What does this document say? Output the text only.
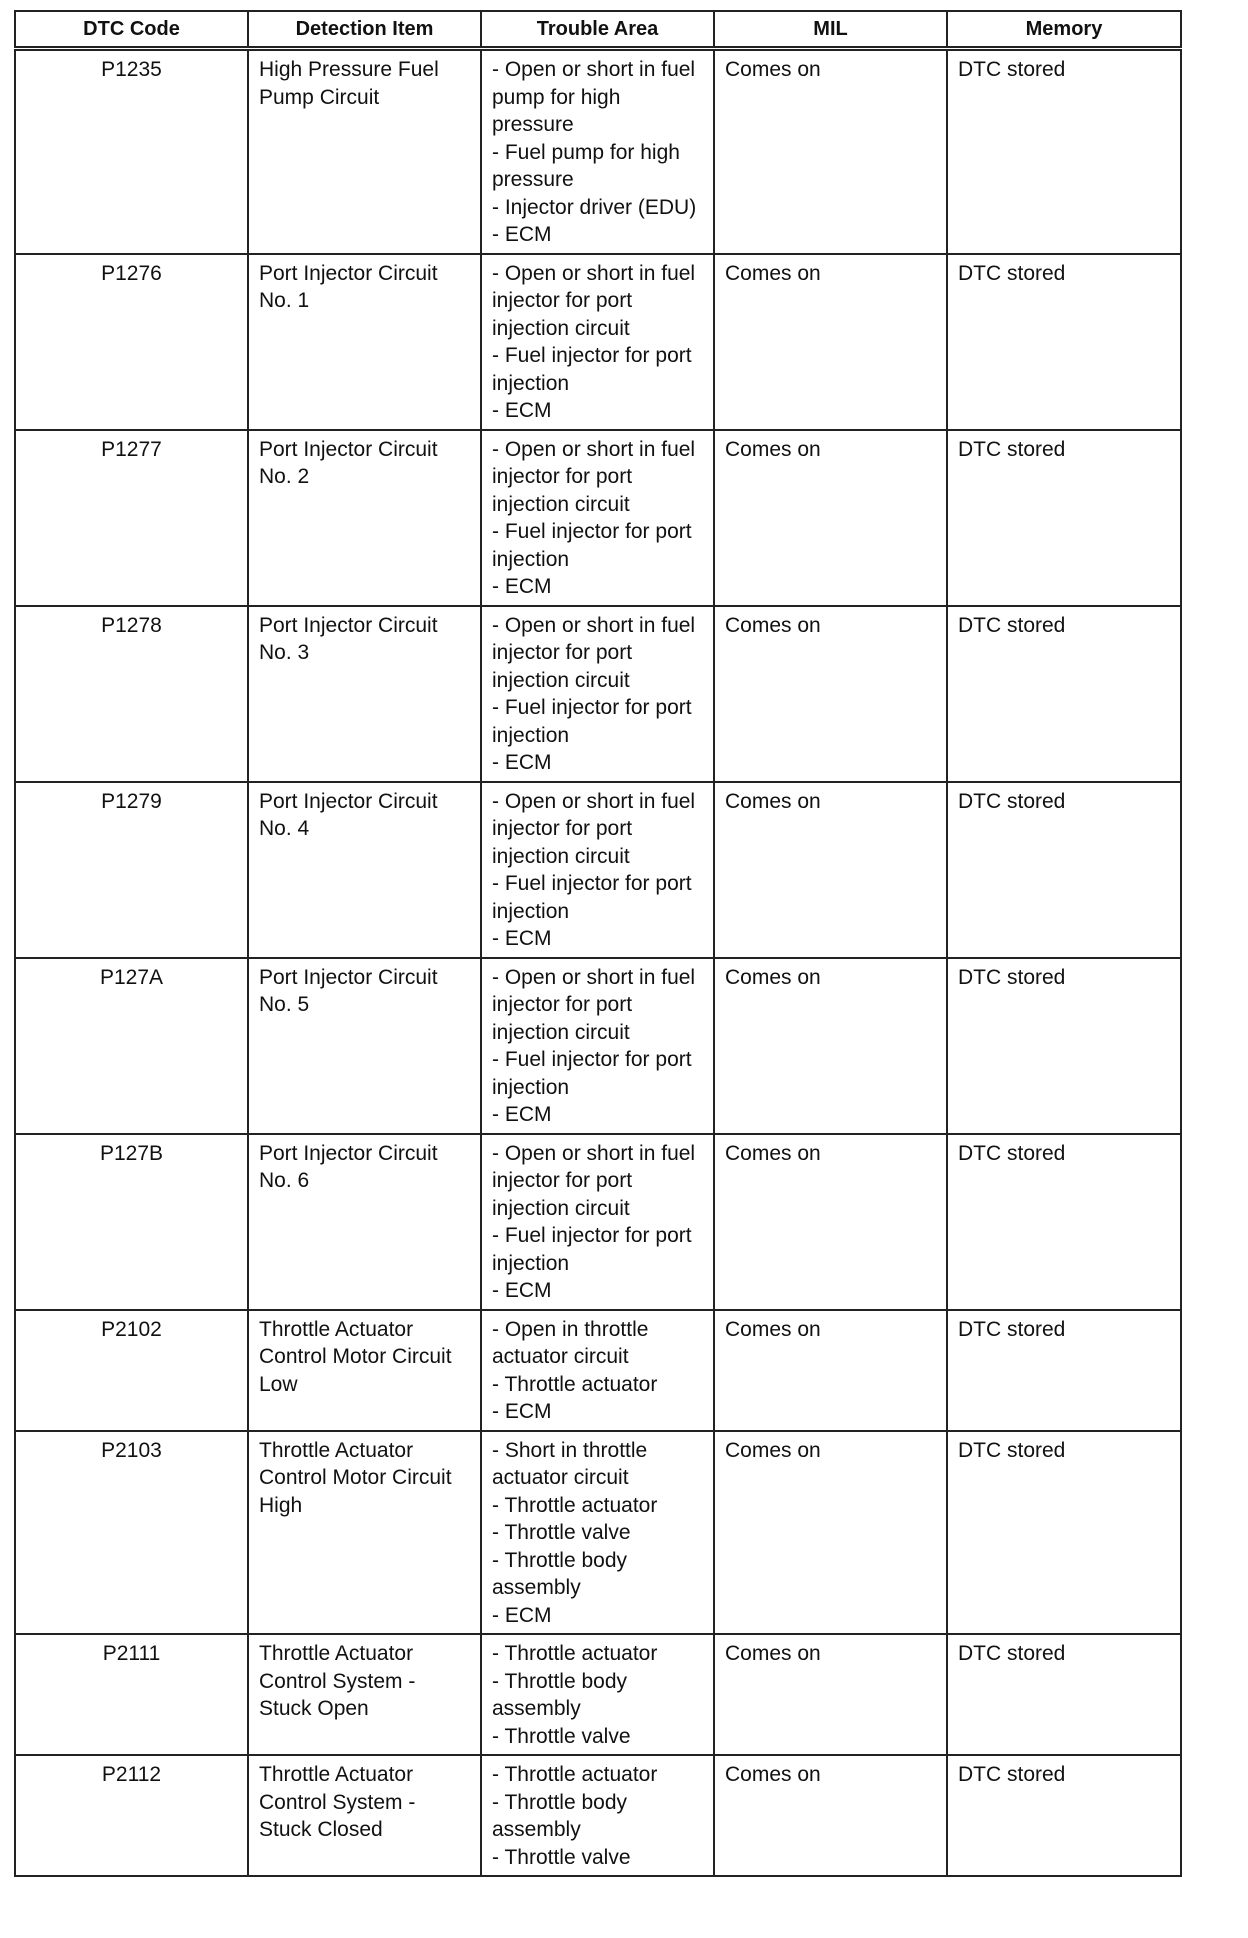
DTC Code	Detection Item	Trouble Area	MIL	Memory
P1235	High Pressure Fuel Pump Circuit	- Open or short in fuel pump for high pressure
- Fuel pump for high pressure
- Injector driver (EDU)
- ECM	Comes on	DTC stored
P1276	Port Injector Circuit No. 1	- Open or short in fuel injector for port injection circuit
- Fuel injector for port injection
- ECM	Comes on	DTC stored
P1277	Port Injector Circuit No. 2	- Open or short in fuel injector for port injection circuit
- Fuel injector for port injection
- ECM	Comes on	DTC stored
P1278	Port Injector Circuit No. 3	- Open or short in fuel injector for port injection circuit
- Fuel injector for port injection
- ECM	Comes on	DTC stored
P1279	Port Injector Circuit No. 4	- Open or short in fuel injector for port injection circuit
- Fuel injector for port injection
- ECM	Comes on	DTC stored
P127A	Port Injector Circuit No. 5	- Open or short in fuel injector for port injection circuit
- Fuel injector for port injection
- ECM	Comes on	DTC stored
P127B	Port Injector Circuit No. 6	- Open or short in fuel injector for port injection circuit
- Fuel injector for port injection
- ECM	Comes on	DTC stored
P2102	Throttle Actuator Control Motor Circuit Low	- Open in throttle actuator circuit
- Throttle actuator
- ECM	Comes on	DTC stored
P2103	Throttle Actuator Control Motor Circuit High	- Short in throttle actuator circuit
- Throttle actuator
- Throttle valve
- Throttle body assembly
- ECM	Comes on	DTC stored
P2111	Throttle Actuator Control System - Stuck Open	- Throttle actuator
- Throttle body assembly
- Throttle valve	Comes on	DTC stored
P2112	Throttle Actuator Control System - Stuck Closed	- Throttle actuator
- Throttle body assembly
- Throttle valve	Comes on	DTC stored
